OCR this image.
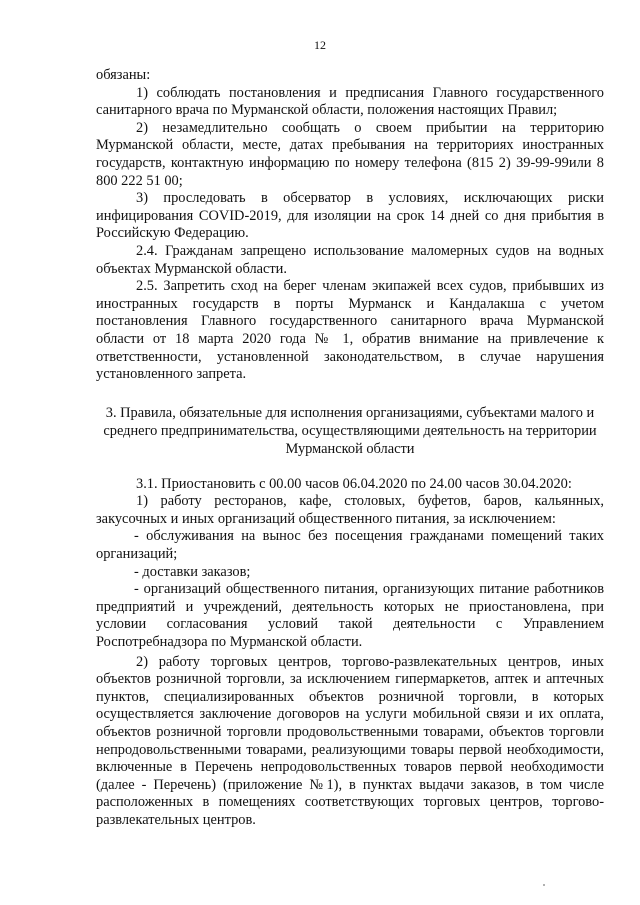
12

обязаны:

1) соблюдать постановления и предписания Главного государственного санитарного врача по Мурманской области, положения настоящих Правил;

2) незамедлительно сообщать о своем прибытии на территорию Мурманской области, месте, датах пребывания на территориях иностранных государств, контактную информацию по номеру телефона (815 2) 39-99-99или 8 800 222 51 00;

3) проследовать в обсерватор в условиях, исключающих риски инфицирования COVID-2019, для изоляции на срок 14 дней со дня прибытия в Российскую Федерацию.

2.4. Гражданам запрещено использование маломерных судов на водных объектах Мурманской области.

2.5. Запретить сход на берег членам экипажей всех судов, прибывших из иностранных государств в порты Мурманск и Кандалакша с учетом постановления Главного государственного санитарного врача Мурманской области от 18 марта 2020 года № 1, обратив внимание на привлечение к ответственности, установленной законодательством, в случае нарушения установленного запрета.

3. Правила, обязательные для исполнения организациями, субъектами малого и среднего предпринимательства, осуществляющими деятельность на территории Мурманской области

3.1. Приостановить с 00.00 часов 06.04.2020 по 24.00 часов 30.04.2020:

1) работу ресторанов, кафе, столовых, буфетов, баров, кальянных, закусочных и иных организаций общественного питания, за исключением:

- обслуживания на вынос без посещения гражданами помещений таких организаций;

- доставки заказов;

- организаций общественного питания, организующих питание работников предприятий и учреждений, деятельность которых не приостановлена, при условии согласования условий такой деятельности с Управлением Роспотребнадзора по Мурманской области.

2) работу торговых центров, торгово-развлекательных центров, иных объектов розничной торговли, за исключением гипермаркетов, аптек и аптечных пунктов, специализированных объектов розничной торговли, в которых осуществляется заключение договоров на услуги мобильной связи и их оплата, объектов розничной торговли продовольственными товарами, объектов торговли непродовольственными товарами, реализующими товары первой необходимости, включенные в Перечень непродовольственных товаров первой необходимости (далее - Перечень) (приложение №1), в пунктах выдачи заказов, в том числе расположенных в помещениях соответствующих торговых центров, торгово-развлекательных центров.
